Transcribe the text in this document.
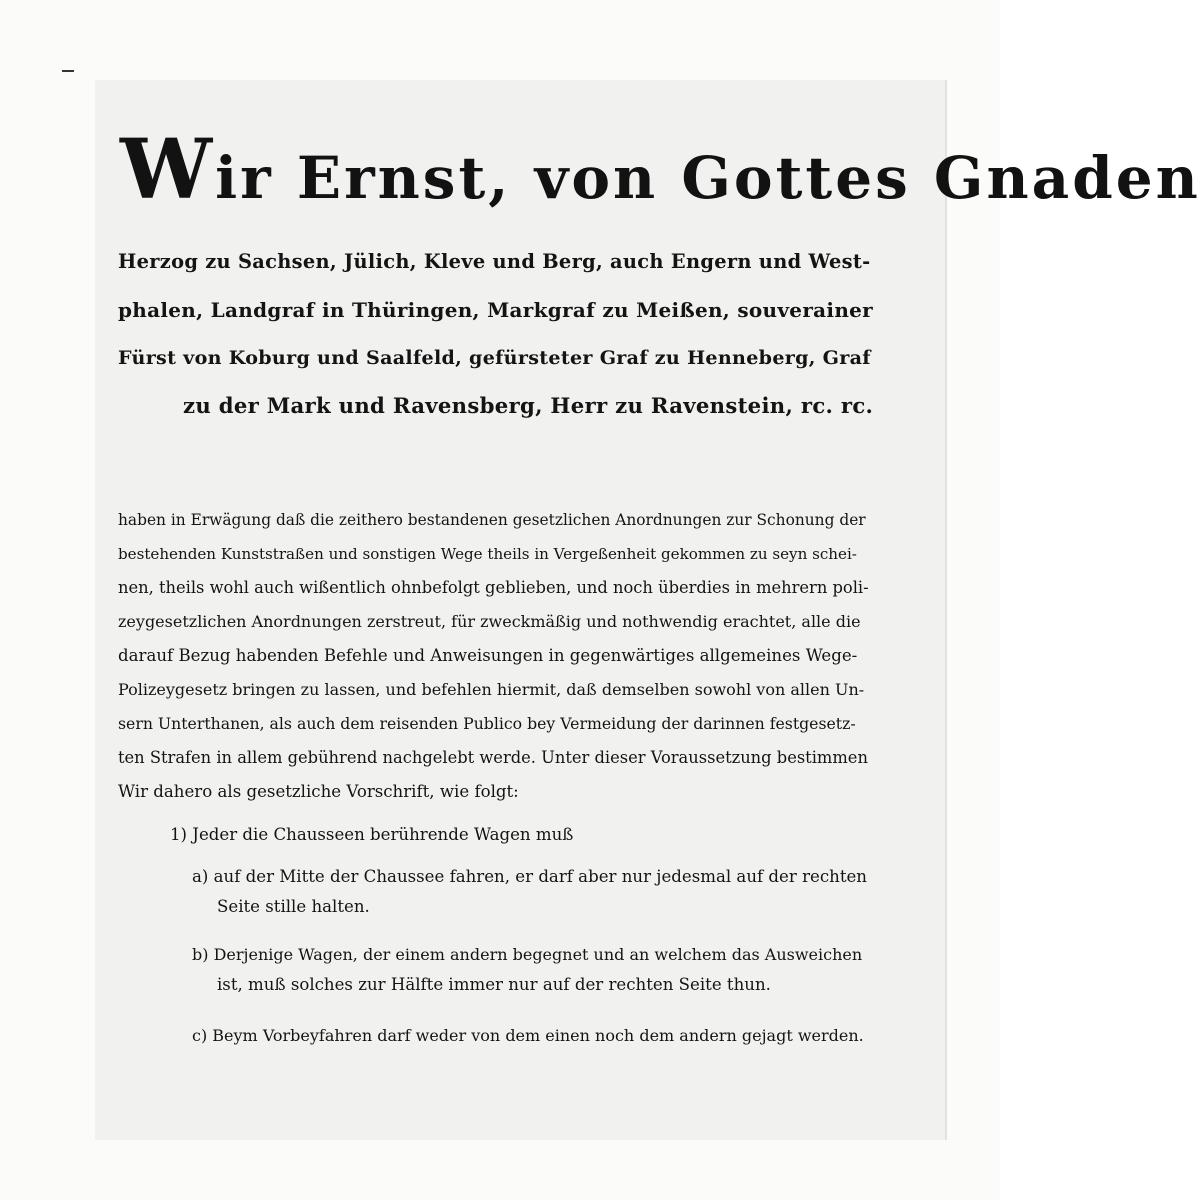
Wir Ernst, von Gottes Gnaden
Herzog zu Sachsen, Jülich, Kleve und Berg, auch Engern und West-
phalen, Landgraf in Thüringen, Markgraf zu Meißen, souverainer
Fürst von Koburg und Saalfeld, gefürsteter Graf zu Henneberg, Graf
zu der Mark und Ravensberg, Herr zu Ravenstein, rc. rc.
haben in Erwägung daß die zeithero bestandenen gesetzlichen Anordnungen zur Schonung der
bestehenden Kunststraßen und sonstigen Wege theils in Vergeßenheit gekommen zu seyn schei-
nen, theils wohl auch wißentlich ohnbefolgt geblieben, und noch überdies in mehrern poli-
zeygesetzlichen Anordnungen zerstreut, für zweckmäßig und nothwendig erachtet, alle die
darauf Bezug habenden Befehle und Anweisungen in gegenwärtiges allgemeines Wege-
Polizeygesetz bringen zu lassen, und befehlen hiermit, daß demselben sowohl von allen Un-
sern Unterthanen, als auch dem reisenden Publico bey Vermeidung der darinnen festgesetz-
ten Strafen in allem gebührend nachgelebt werde. Unter dieser Voraussetzung bestimmen
Wir dahero als gesetzliche Vorschrift, wie folgt:
1) Jeder die Chausseen berührende Wagen muß
a) auf der Mitte der Chaussee fahren, er darf aber nur jedesmal auf der rechten
Seite stille halten.
b) Derjenige Wagen, der einem andern begegnet und an welchem das Ausweichen
ist, muß solches zur Hälfte immer nur auf der rechten Seite thun.
c) Beym Vorbeyfahren darf weder von dem einen noch dem andern gejagt werden.
